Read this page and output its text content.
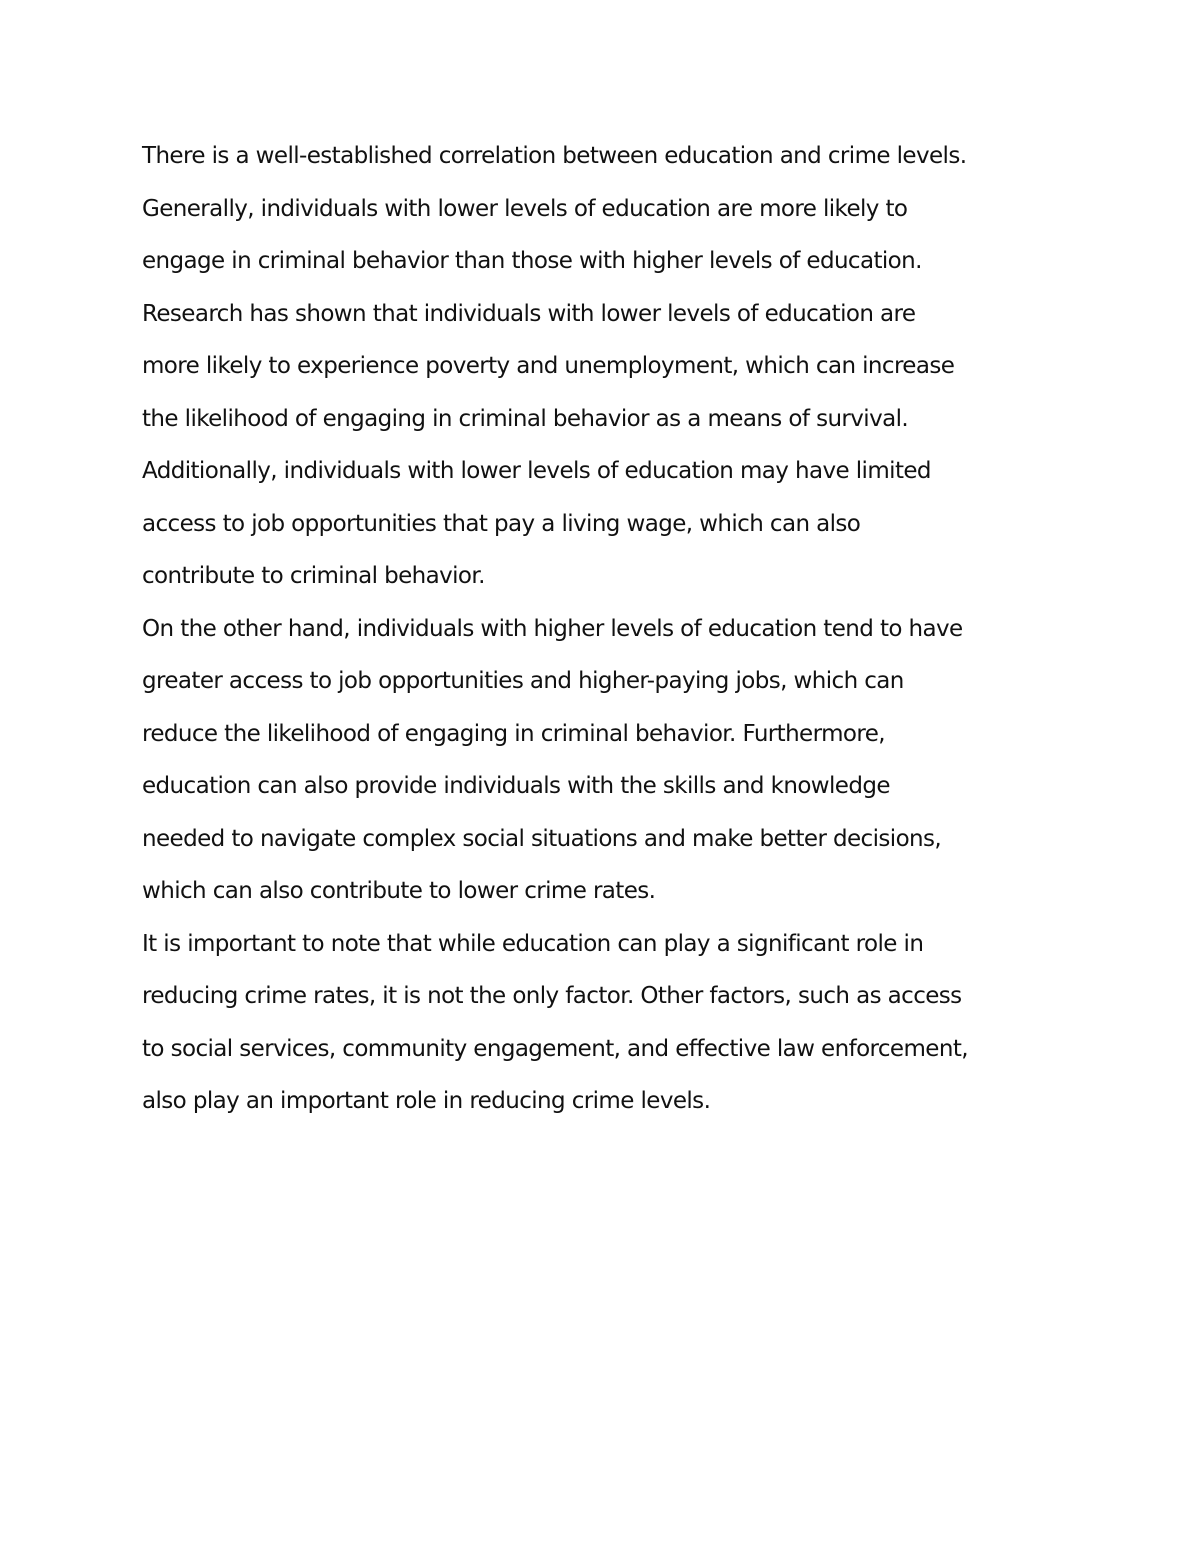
There is a well-established correlation between education and crime levels.
Generally, individuals with lower levels of education are more likely to
engage in criminal behavior than those with higher levels of education.
Research has shown that individuals with lower levels of education are
more likely to experience poverty and unemployment, which can increase
the likelihood of engaging in criminal behavior as a means of survival.
Additionally, individuals with lower levels of education may have limited
access to job opportunities that pay a living wage, which can also
contribute to criminal behavior.
On the other hand, individuals with higher levels of education tend to have
greater access to job opportunities and higher-paying jobs, which can
reduce the likelihood of engaging in criminal behavior. Furthermore,
education can also provide individuals with the skills and knowledge
needed to navigate complex social situations and make better decisions,
which can also contribute to lower crime rates.
It is important to note that while education can play a significant role in
reducing crime rates, it is not the only factor. Other factors, such as access
to social services, community engagement, and effective law enforcement,
also play an important role in reducing crime levels.
